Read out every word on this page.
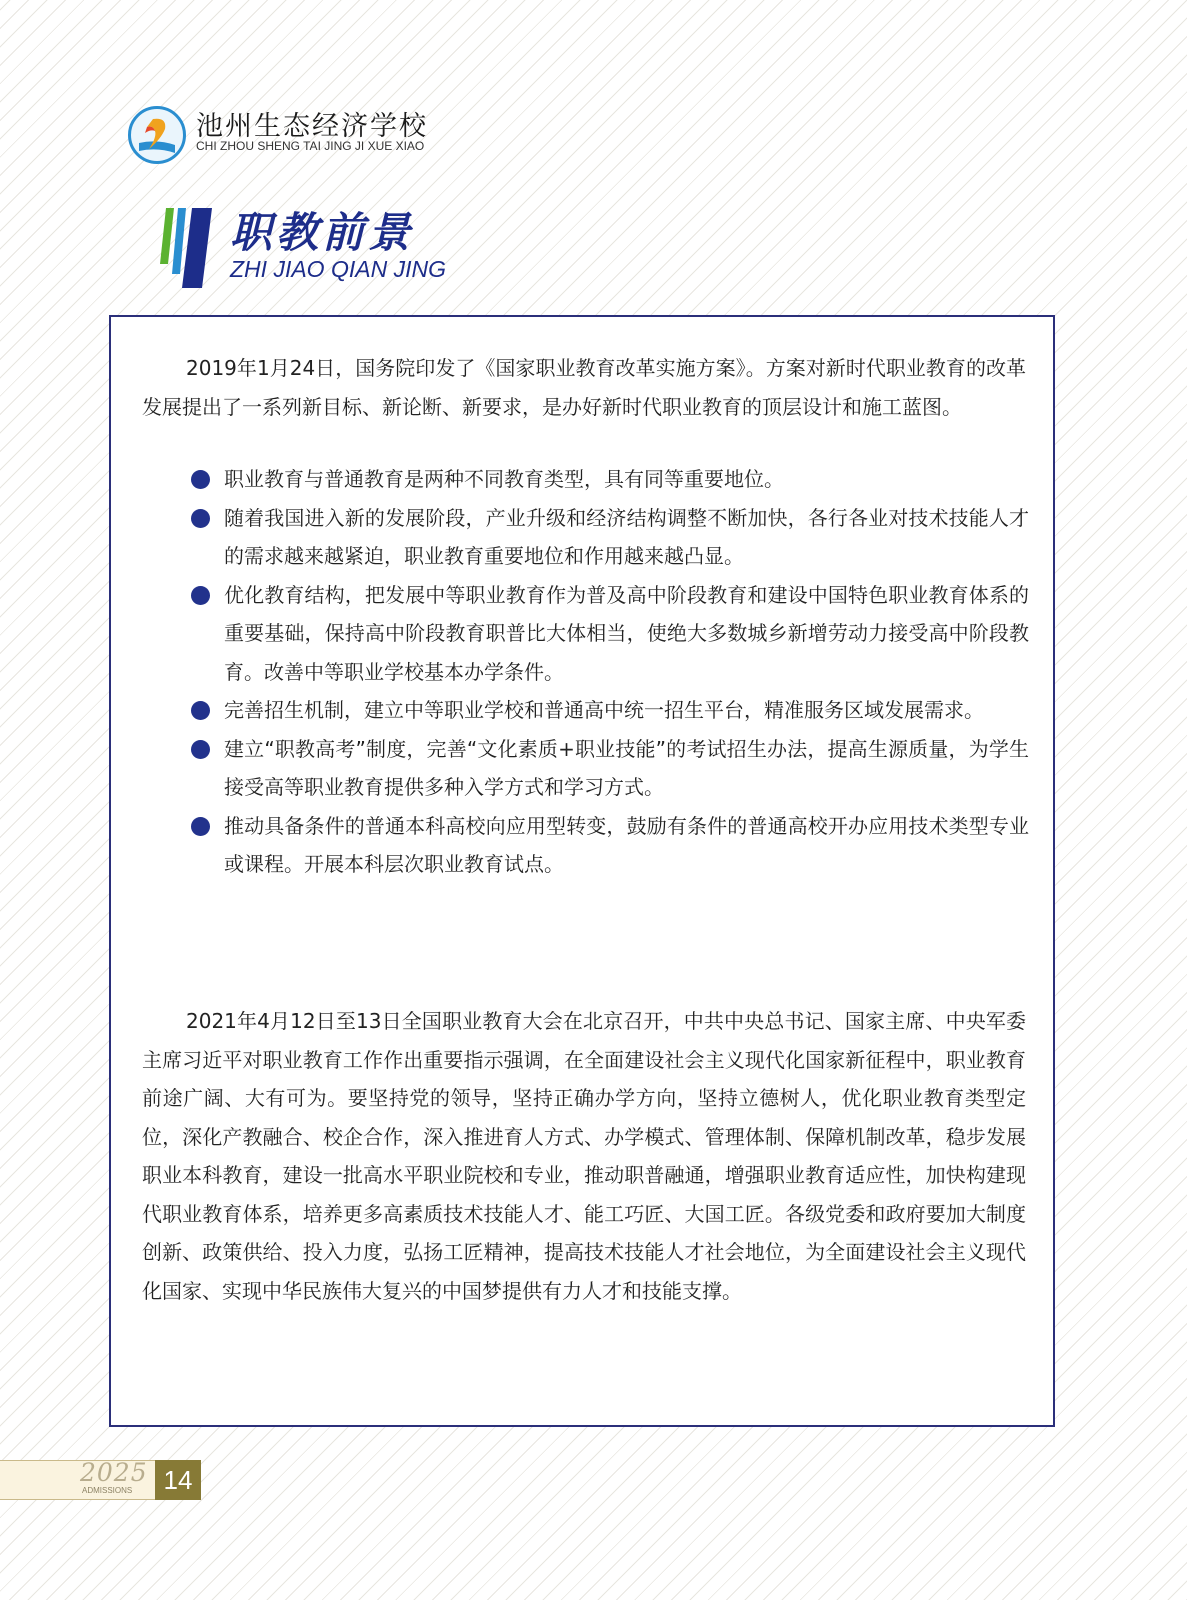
池州生态经济学校
CHI ZHOU SHENG TAI JING JI XUE XIAO
职教前景
ZHI JIAO QIAN JING

2019年1月24日，国务院印发了《国家职业教育改革实施方案》。方案对新时代职业教育的改革发展提出了一系列新目标、新论断、新要求，是办好新时代职业教育的顶层设计和施工蓝图。

职业教育与普通教育是两种不同教育类型，具有同等重要地位。
随着我国进入新的发展阶段，产业升级和经济结构调整不断加快，各行各业对技术技能人才的需求越来越紧迫，职业教育重要地位和作用越来越凸显。
优化教育结构，把发展中等职业教育作为普及高中阶段教育和建设中国特色职业教育体系的重要基础，保持高中阶段教育职普比大体相当，使绝大多数城乡新增劳动力接受高中阶段教育。改善中等职业学校基本办学条件。
完善招生机制，建立中等职业学校和普通高中统一招生平台，精准服务区域发展需求。
建立“职教高考”制度，完善“文化素质+职业技能”的考试招生办法，提高生源质量，为学生接受高等职业教育提供多种入学方式和学习方式。
推动具备条件的普通本科高校向应用型转变，鼓励有条件的普通高校开办应用技术类型专业或课程。开展本科层次职业教育试点。

2021年4月12日至13日全国职业教育大会在北京召开，中共中央总书记、国家主席、中央军委主席习近平对职业教育工作作出重要指示强调，在全面建设社会主义现代化国家新征程中，职业教育前途广阔、大有可为。要坚持党的领导，坚持正确办学方向，坚持立德树人，优化职业教育类型定位，深化产教融合、校企合作，深入推进育人方式、办学模式、管理体制、保障机制改革，稳步发展职业本科教育，建设一批高水平职业院校和专业，推动职普融通，增强职业教育适应性，加快构建现代职业教育体系，培养更多高素质技术技能人才、能工巧匠、大国工匠。各级党委和政府要加大制度创新、政策供给、投入力度，弘扬工匠精神，提高技术技能人才社会地位，为全面建设社会主义现代化国家、实现中华民族伟大复兴的中国梦提供有力人才和技能支撑。

2025
ADMISSIONS	14
